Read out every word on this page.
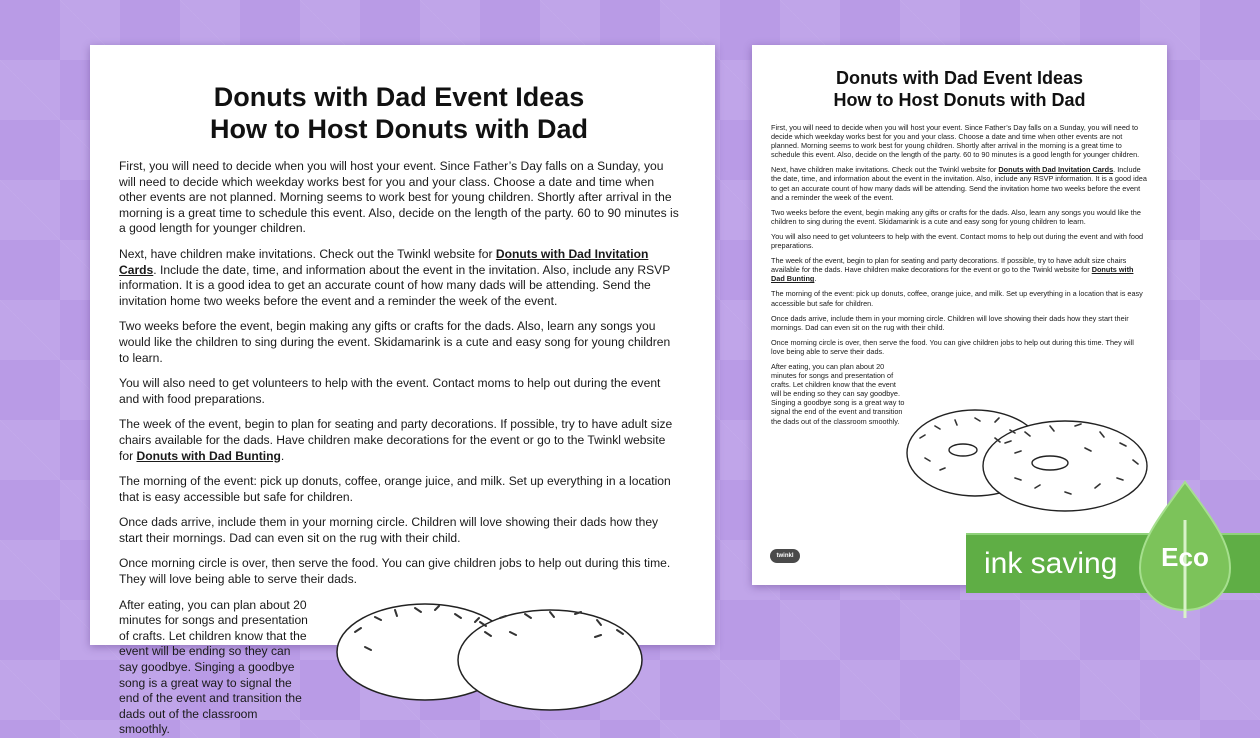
Donuts with Dad Event Ideas
How to Host Donuts with Dad

First, you will need to decide when you will host your event. Since Father’s Day falls on a Sunday, you will need to decide which weekday works best for you and your class. Choose a date and time when other events are not planned. Morning seems to work best for young children. Shortly after arrival in the morning is a great time to schedule this event. Also, decide on the length of the party. 60 to 90 minutes is a good length for younger children.

Next, have children make invitations. Check out the Twinkl website for Donuts with Dad Invitation Cards. Include the date, time, and information about the event in the invitation. Also, include any RSVP information. It is a good idea to get an accurate count of how many dads will be attending. Send the invitation home two weeks before the event and a reminder the week of the event.

Two weeks before the event, begin making any gifts or crafts for the dads. Also, learn any songs you would like the children to sing during the event. Skidamarink is a cute and easy song for young children to learn.

You will also need to get volunteers to help with the event. Contact moms to help out during the event and with food preparations.

The week of the event, begin to plan for seating and party decorations. If possible, try to have adult size chairs available for the dads. Have children make decorations for the event or go to the Twinkl website for Donuts with Dad Bunting.

The morning of the event: pick up donuts, coffee, orange juice, and milk. Set up everything in a location that is easy accessible but safe for children.

Once dads arrive, include them in your morning circle. Children will love showing their dads how they start their mornings. Dad can even sit on the rug with their child.

Once morning circle is over, then serve the food. You can give children jobs to help out during this time. They will love being able to serve their dads.

After eating, you can plan about 20 minutes for songs and presentation of crafts. Let children know that the event will be ending so they can say goodbye. Singing a goodbye song is a great way to signal the end of the event and transition the dads out of the classroom smoothly.

Donuts with Dad Event Ideas
How to Host Donuts with Dad

First, you will need to decide when you will host your event. Since Father’s Day falls on a Sunday, you will need to decide which weekday works best for you and your class. Choose a date and time when other events are not planned. Morning seems to work best for young children. Shortly after arrival in the morning is a great time to schedule this event. Also, decide on the length of the party. 60 to 90 minutes is a good length for younger children.

Next, have children make invitations. Check out the Twinkl website for Donuts with Dad Invitation Cards. Include the date, time, and information about the event in the invitation. Also, include any RSVP information. It is a good idea to get an accurate count of how many dads will be attending. Send the invitation home two weeks before the event and a reminder the week of the event.

Two weeks before the event, begin making any gifts or crafts for the dads. Also, learn any songs you would like the children to sing during the event. Skidamarink is a cute and easy song for young children to learn.

You will also need to get volunteers to help with the event. Contact moms to help out during the event and with food preparations.

The week of the event, begin to plan for seating and party decorations. If possible, try to have adult size chairs available for the dads. Have children make decorations for the event or go to the Twinkl website for Donuts with Dad Bunting.

The morning of the event: pick up donuts, coffee, orange juice, and milk. Set up everything in a location that is easy accessible but safe for children.

Once dads arrive, include them in your morning circle. Children will love showing their dads how they start their mornings. Dad can even sit on the rug with their child.

Once morning circle is over, then serve the food. You can give children jobs to help out during this time. They will love being able to serve their dads.

After eating, you can plan about 20 minutes for songs and presentation of crafts. Let children know that the event will be ending so they can say goodbye. Singing a goodbye song is a great way to signal the end of the event and transition the dads out of the classroom smoothly.

twinkl	ink saving Eco
